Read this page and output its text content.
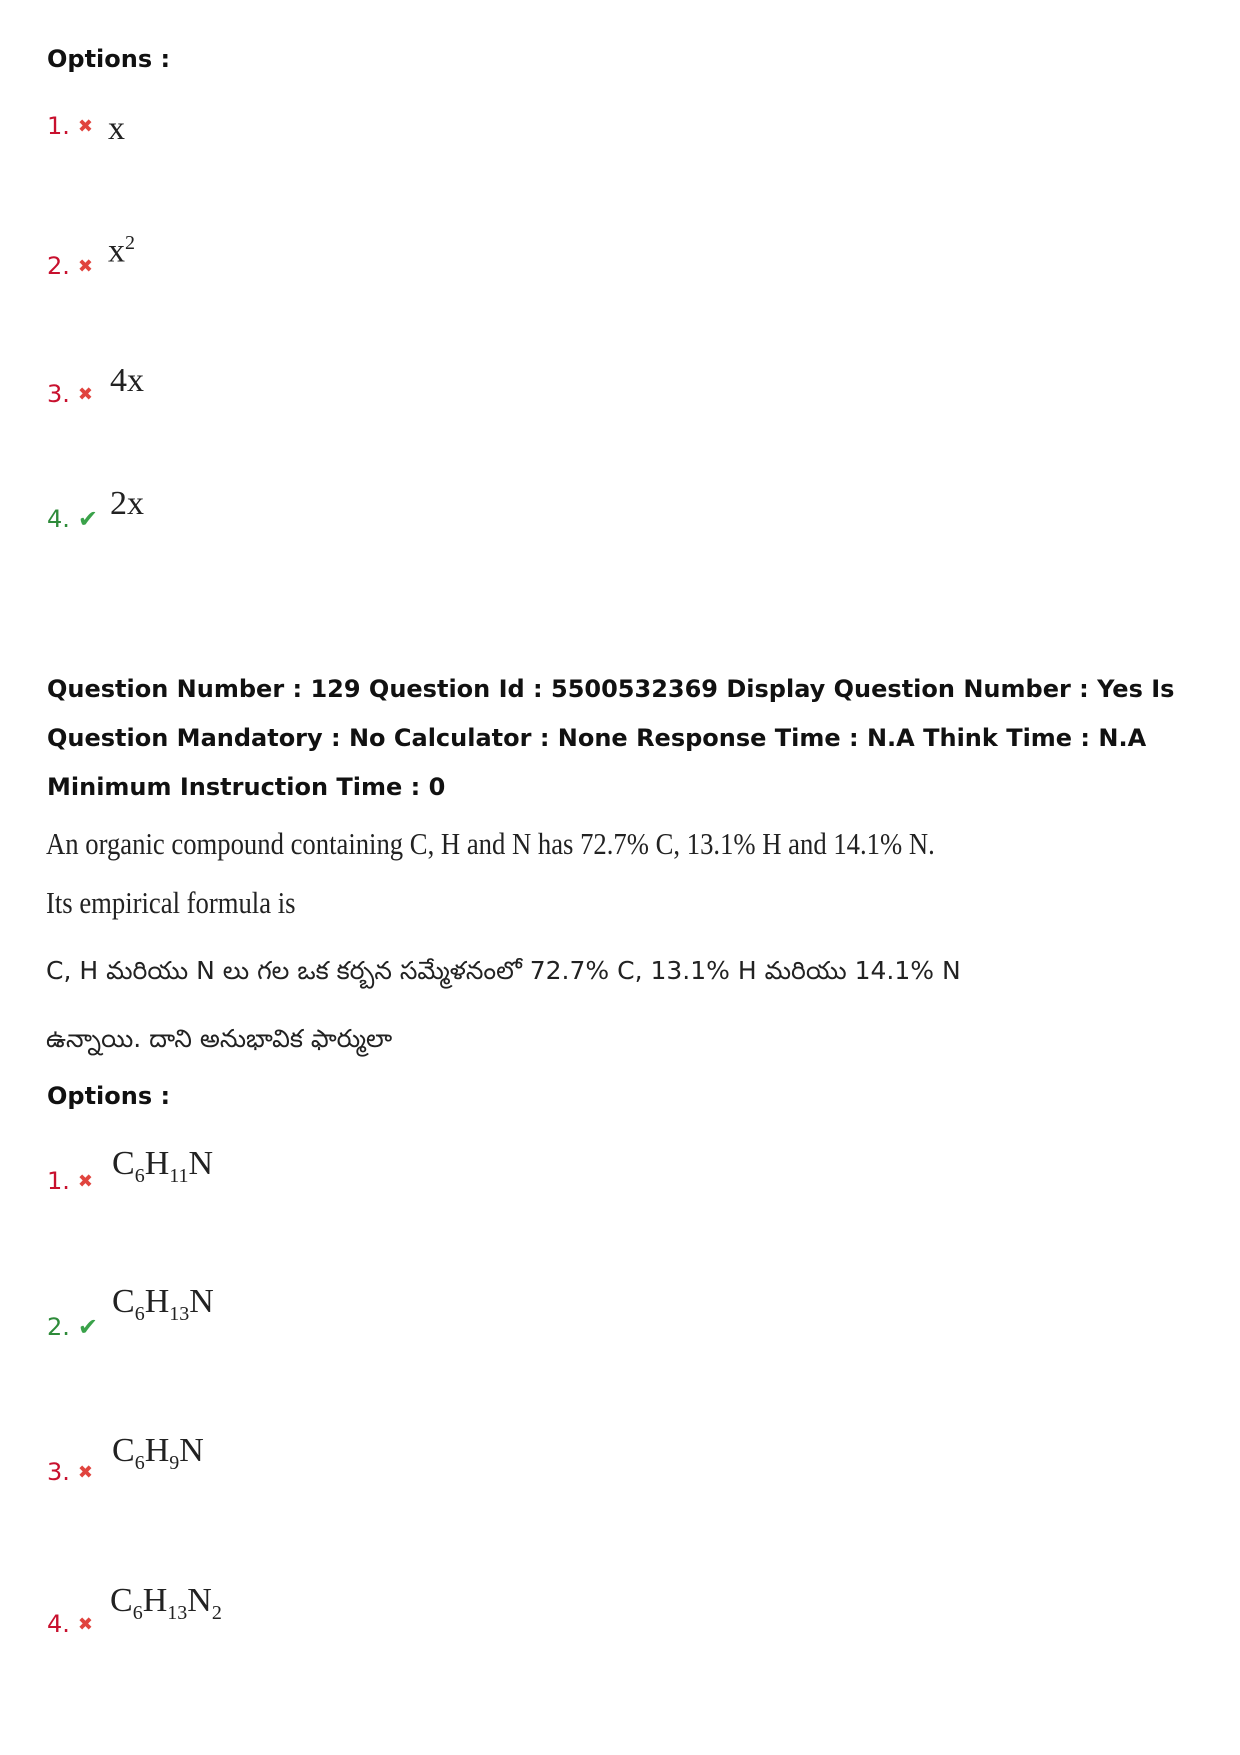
Options :
1. ✖ x
2. ✖ $x^2$
3. ✖ 4x
4. ✔ 2x
Question Number : 129 Question Id : 5500532369 Display Question Number : Yes Is Question Mandatory : No Calculator : None Response Time : N.A Think Time : N.A Minimum Instruction Time : 0
An organic compound containing C, H and N has 72.7% C, 13.1% H and 14.1% N.
Its empirical formula is
C, H మరియు N లు గల ఒక కర్బన సమ్మేళనంలో 72.7% C, 13.1% H మరియు 14.1% N
ఉన్నాయి. దాని అనుభావిక ఫార్ములా
Options :
1. ✖ $C_6H_{11}N$
2. ✔
$C_6H_{13}N$
3. ✖
$C_6H_9N$
4. ✖
$C_6H_{13}N_2$
